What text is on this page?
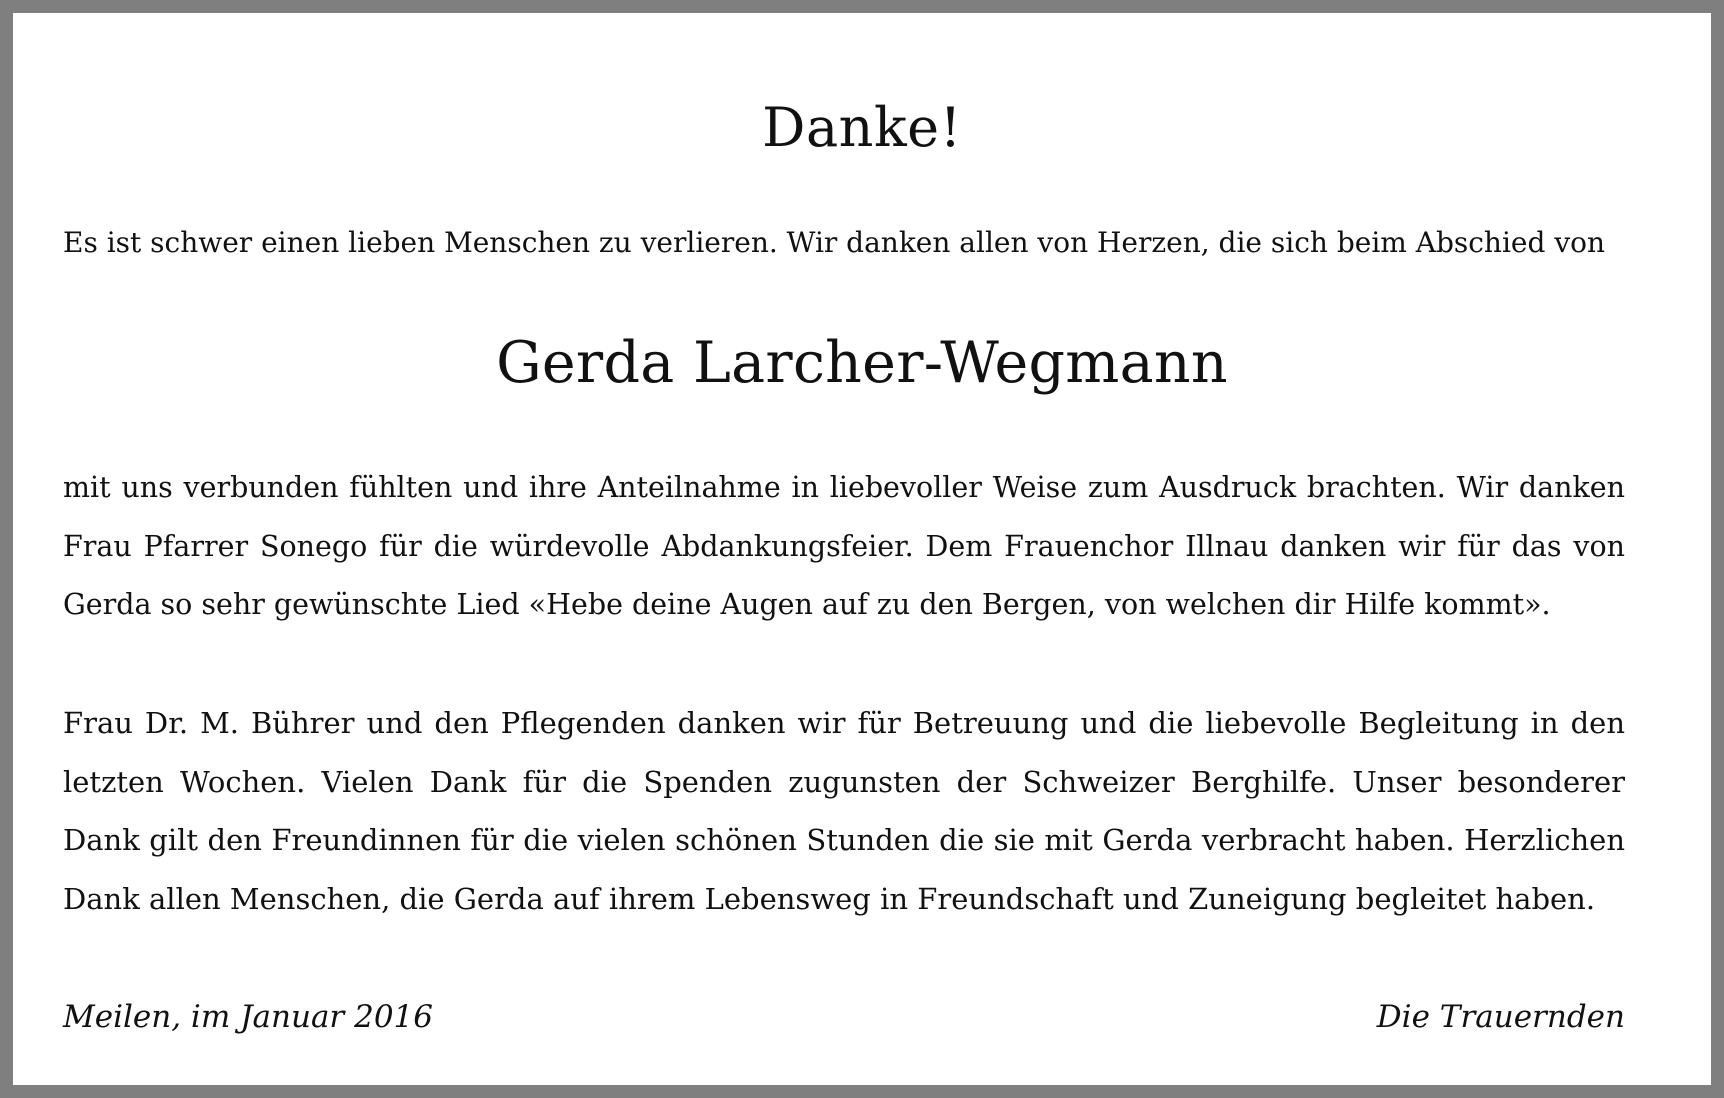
Danke!
Es ist schwer einen lieben Menschen zu verlieren. Wir danken allen von Herzen, die sich beim Abschied von
Gerda Larcher-Wegmann
mit uns verbunden fühlten und ihre Anteilnahme in liebevoller Weise zum Ausdruck brachten. Wir danken Frau Pfarrer Sonego für die würdevolle Abdankungsfeier. Dem Frauenchor Illnau danken wir für das von Gerda so sehr gewünschte Lied «Hebe deine Augen auf zu den Bergen, von welchen dir Hilfe kommt».
Frau Dr. M. Bührer und den Pflegenden danken wir für Betreuung und die liebevolle Begleitung in den letzten Wochen. Vielen Dank für die Spenden zugunsten der Schweizer Berghilfe. Unser besonderer Dank gilt den Freundinnen für die vielen schönen Stunden die sie mit Gerda verbracht haben. Herzlichen Dank allen Menschen, die Gerda auf ihrem Lebensweg in Freundschaft und Zuneigung begleitet haben.
Meilen, im Januar 2016	Die Trauernden
